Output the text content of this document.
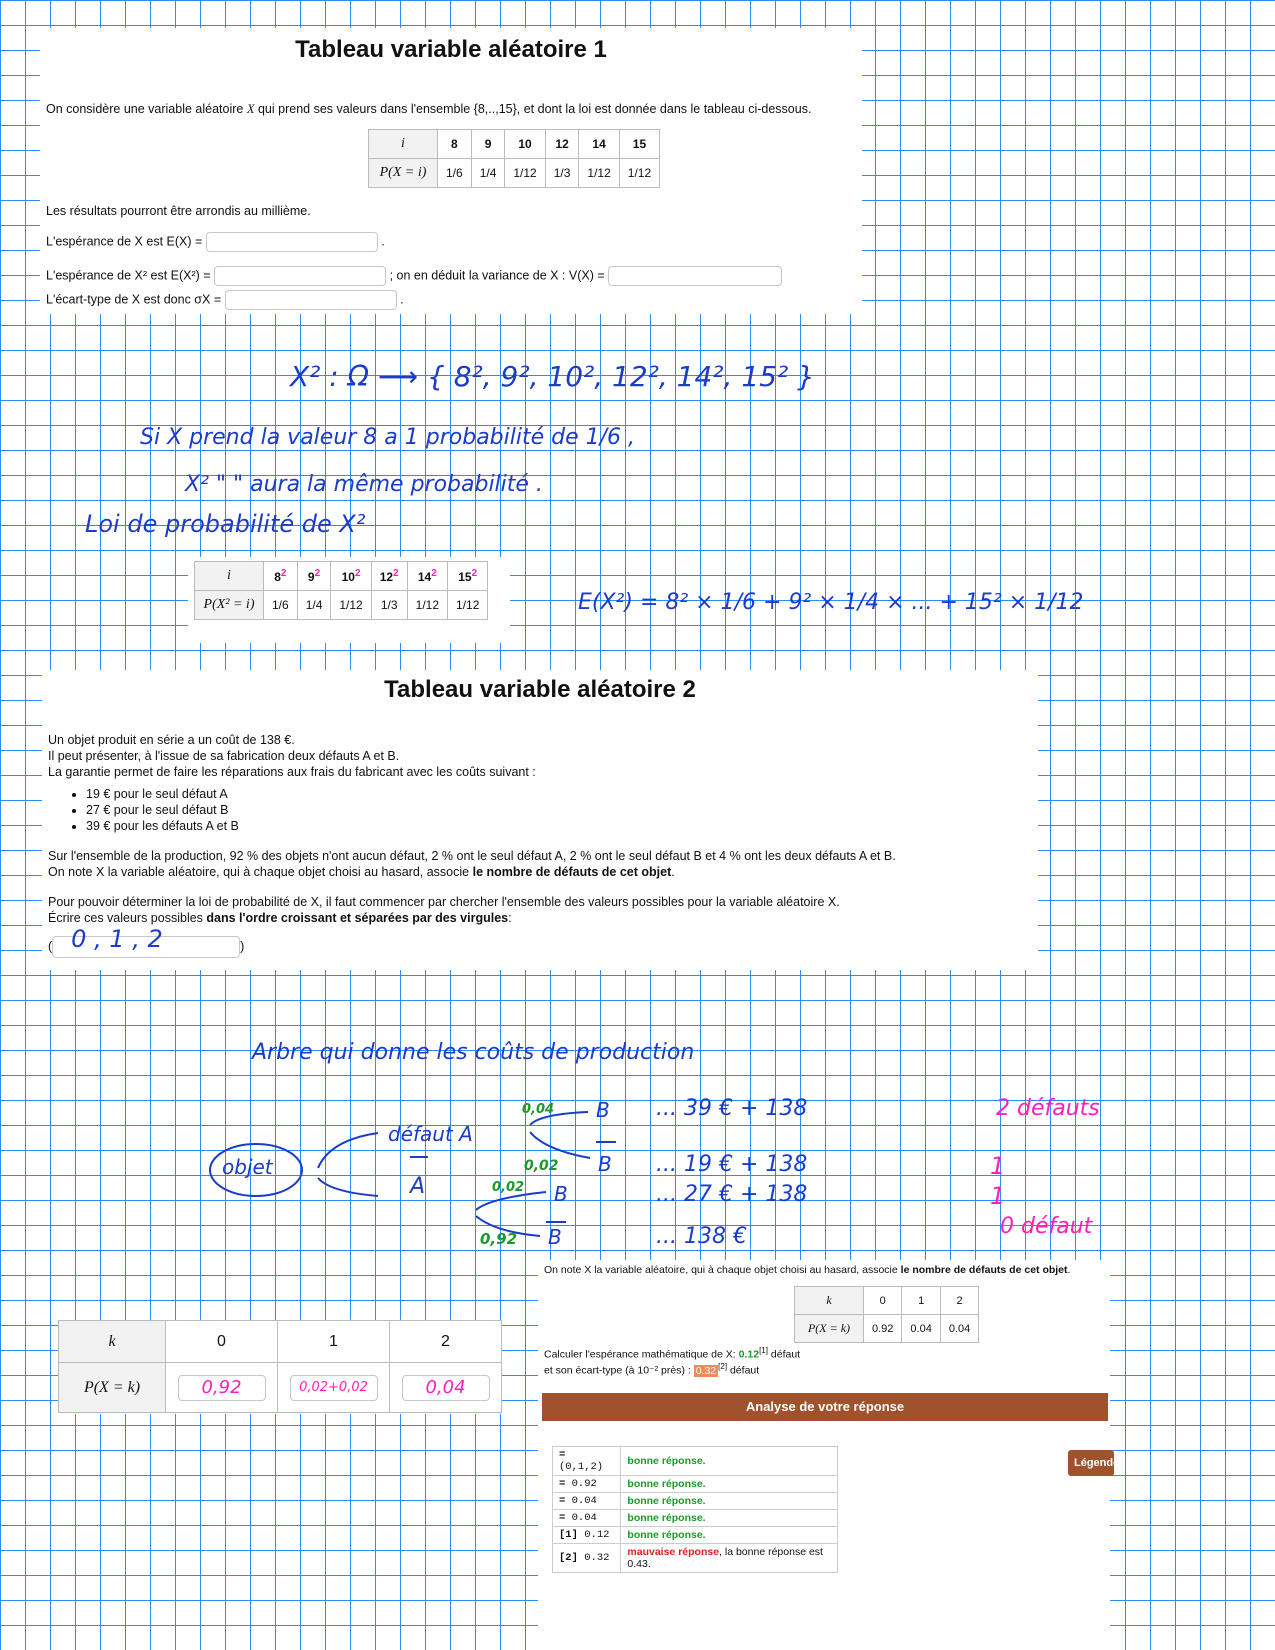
Tableau variable aléatoire 1
On considère une variable aléatoire X qui prend ses valeurs dans l'ensemble {8,..,15}, et dont la loi est donnée dans le tableau ci-dessous.
i	8	9	10	12	14	15
P(X = i)	1/6	1/4	1/12	1/3	1/12	1/12
Les résultats pourront être arrondis au millième.
L'espérance de X est E(X) =	.
L'espérance de X² est E(X²) =	; on en déduit la variance de X : V(X) =
L'écart-type de X est donc σX =	.
X² : Ω ⟶ { 8², 9², 10², 12², 14², 15² }
Si X prend la valeur 8 a 1 probabilité de 1/6 ,
X² " " aura la même probabilité .
Loi de probabilité de X²
i	$8^2$	$9^2$	$10^2$	$12^2$	$14^2$	$15^2$
P(X² = i)	1/6	1/4	1/12	1/3	1/12	1/12	E(X²) = 8² × 1/6 + 9² × 1/4 × ... + 15² × 1/12
Tableau variable aléatoire 2
Un objet produit en série a un coût de 138 €.
Il peut présenter, à l'issue de sa fabrication deux défauts A et B.
La garantie permet de faire les réparations aux frais du fabricant avec les coûts suivant :
• 19 € pour le seul défaut A
• 27 € pour le seul défaut B
• 39 € pour les défauts A et B
Sur l'ensemble de la production, 92 % des objets n'ont aucun défaut, 2 % ont le seul défaut A, 2 % ont le seul défaut B et 4 % ont les deux défauts A et B.
On note X la variable aléatoire, qui à chaque objet choisi au hasard, associe le nombre de défauts de cet objet.
Pour pouvoir déterminer la loi de probabilité de X, il faut commencer par chercher l'ensemble des valeurs possibles pour la variable aléatoire X.
Écrire ces valeurs possibles dans l'ordre croissant et séparées par des virgules:
( 0 , 1 , 2	)
Arbre qui donne les coûts de production
objet
défaut A
A
0,04
0,02
0,02
0,92
B
B
B
B
... 39 € + 138
... 19 € + 138
... 27 € + 138
... 138 €
2 défauts
1
1
0 défaut
k	0	1	2
P(X = k)	0,92	0,02+0,02	0,04
On note X la variable aléatoire, qui à chaque objet choisi au hasard, associe le nombre de défauts de cet objet.
k	0	1	2
P(X = k)	0.92	0.04	0.04
Calculer l'espérance mathématique de X: 0.12[1] défaut
et son écart-type (à 10⁻² près) : 0.32 [2] défaut
Analyse de votre réponse
Légende
= (0,1,2)	bonne réponse.
= 0.92	bonne réponse.
= 0.04	bonne réponse.
= 0.04	bonne réponse.
[1] 0.12	bonne réponse.
[2] 0.32	mauvaise réponse, la bonne réponse est 0.43.
